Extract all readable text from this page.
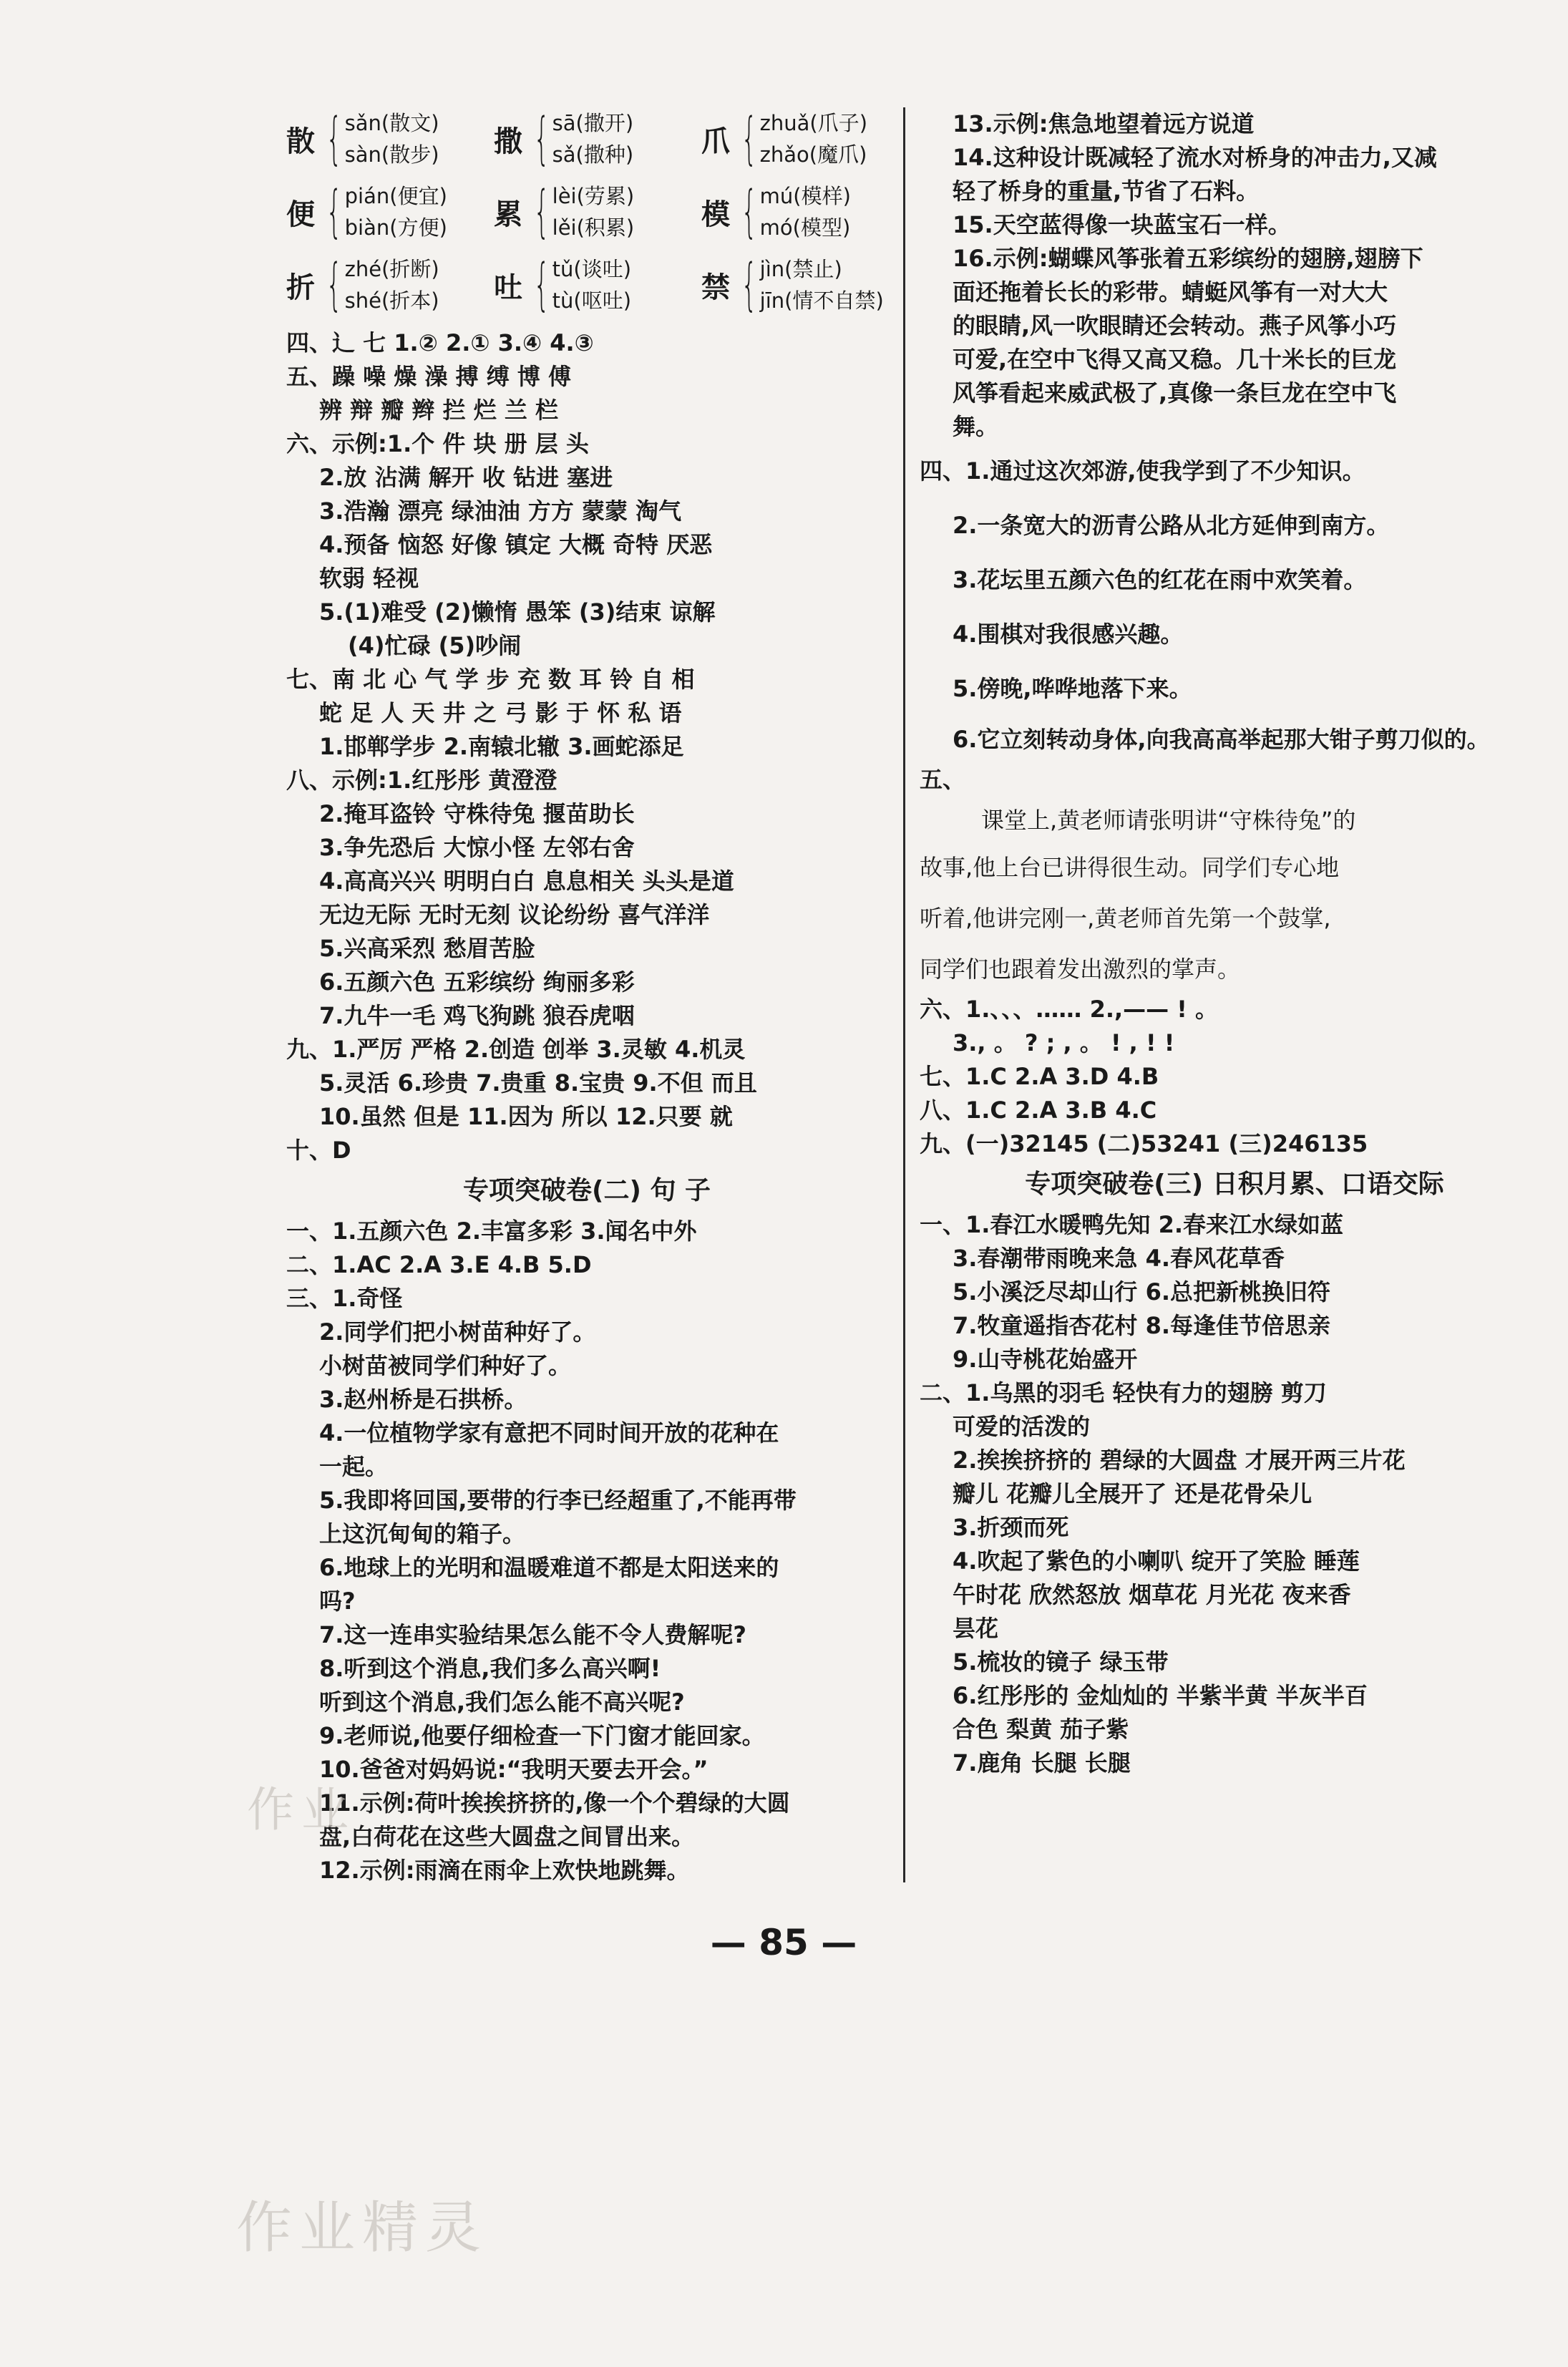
散 { sǎn(散文)
sàn(散步) 撒 { sā(撒开)
sǎ(撒种) 爪 { zhuǎ(爪子)
zhǎo(魔爪)
便 { pián(便宜)
biàn(方便) 累 { lèi(劳累)
lěi(积累) 模 { mú(模样)
mó(模型)
折 { zhé(折断)
shé(折本) 吐 { tǔ(谈吐)
tù(呕吐) 禁 { jìn(禁止)
jīn(情不自禁)

四、辶 七 1.② 2.① 3.④ 4.③

五、躁 噪 燥 澡 搏 缚 博 傅

辨 辩 瓣 辫 拦 烂 兰 栏

六、示例:1.个 件 块 册 层 头

2.放 沾满 解开 收 钻进 塞进

3.浩瀚 漂亮 绿油油 方方 蒙蒙 淘气

4.预备 恼怒 好像 镇定 大概 奇特 厌恶

软弱 轻视

5.(1)难受 (2)懒惰 愚笨 (3)结束 谅解

(4)忙碌 (5)吵闹

七、南 北 心 气 学 步 充 数 耳 铃 自 相

蛇 足 人 天 井 之 弓 影 于 怀 私 语

1.邯郸学步 2.南辕北辙 3.画蛇添足

八、示例:1.红彤彤 黄澄澄

2.掩耳盗铃 守株待兔 揠苗助长

3.争先恐后 大惊小怪 左邻右舍

4.高高兴兴 明明白白 息息相关 头头是道

无边无际 无时无刻 议论纷纷 喜气洋洋

5.兴高采烈 愁眉苦脸

6.五颜六色 五彩缤纷 绚丽多彩

7.九牛一毛 鸡飞狗跳 狼吞虎咽

九、1.严厉 严格 2.创造 创举 3.灵敏 4.机灵

5.灵活 6.珍贵 7.贵重 8.宝贵 9.不但 而且

10.虽然 但是 11.因为 所以 12.只要 就

十、D

专项突破卷(二) 句 子

一、1.五颜六色 2.丰富多彩 3.闻名中外

二、1.AC 2.A 3.E 4.B 5.D

三、1.奇怪

2.同学们把小树苗种好了。

小树苗被同学们种好了。

3.赵州桥是石拱桥。

4.一位植物学家有意把不同时间开放的花种在

一起。

5.我即将回国,要带的行李已经超重了,不能再带

上这沉甸甸的箱子。

6.地球上的光明和温暖难道不都是太阳送来的

吗?

7.这一连串实验结果怎么能不令人费解呢?

8.听到这个消息,我们多么高兴啊!

听到这个消息,我们怎么能不高兴呢?

9.老师说,他要仔细检查一下门窗才能回家。

10.爸爸对妈妈说:“我明天要去开会。”

11.示例:荷叶挨挨挤挤的,像一个个碧绿的大圆

盘,白荷花在这些大圆盘之间冒出来。

12.示例:雨滴在雨伞上欢快地跳舞。

13.示例:焦急地望着远方说道

14.这种设计既减轻了流水对桥身的冲击力,又减

轻了桥身的重量,节省了石料。

15.天空蓝得像一块蓝宝石一样。

16.示例:蝴蝶风筝张着五彩缤纷的翅膀,翅膀下

面还拖着长长的彩带。蜻蜓风筝有一对大大

的眼睛,风一吹眼睛还会转动。燕子风筝小巧

可爱,在空中飞得又高又稳。几十米长的巨龙

风筝看起来威武极了,真像一条巨龙在空中飞

舞。

四、1.通过这次郊游,使我学到了不少知识。

2.一条宽大的沥青公路从北方延伸到南方。

3.花坛里五颜六色的红花在雨中欢笑着。

4.围棋对我很感兴趣。

5.傍晚,哗哗地落下来。

6.它立刻转动身体,向我高高举起那大钳子剪刀似的。

五、

课堂上,黄老师请张明讲“守株待兔”的

故事,他上台已讲得很生动。同学们专心地

听着,他讲完刚一,黄老师首先第一个鼓掌,

同学们也跟着发出激烈的掌声。

六、1.、、、…… 2.,—— ! 。

3., 。 ? ; , 。 ! , ! !

七、1.C 2.A 3.D 4.B

八、1.C 2.A 3.B 4.C

九、(一)32145 (二)53241 (三)246135

专项突破卷(三) 日积月累、口语交际

一、1.春江水暖鸭先知 2.春来江水绿如蓝

3.春潮带雨晚来急 4.春风花草香

5.小溪泛尽却山行 6.总把新桃换旧符

7.牧童遥指杏花村 8.每逢佳节倍思亲

9.山寺桃花始盛开

二、1.乌黑的羽毛 轻快有力的翅膀 剪刀

可爱的活泼的

2.挨挨挤挤的 碧绿的大圆盘 才展开两三片花

瓣儿 花瓣儿全展开了 还是花骨朵儿

3.折颈而死

4.吹起了紫色的小喇叭 绽开了笑脸 睡莲

午时花 欣然怒放 烟草花 月光花 夜来香

昙花

5.梳妆的镜子 绿玉带

6.红彤彤的 金灿灿的 半紫半黄 半灰半百

合色 梨黄 茄子紫

7.鹿角 长腿 长腿

— 85 —
作业
作业精灵
